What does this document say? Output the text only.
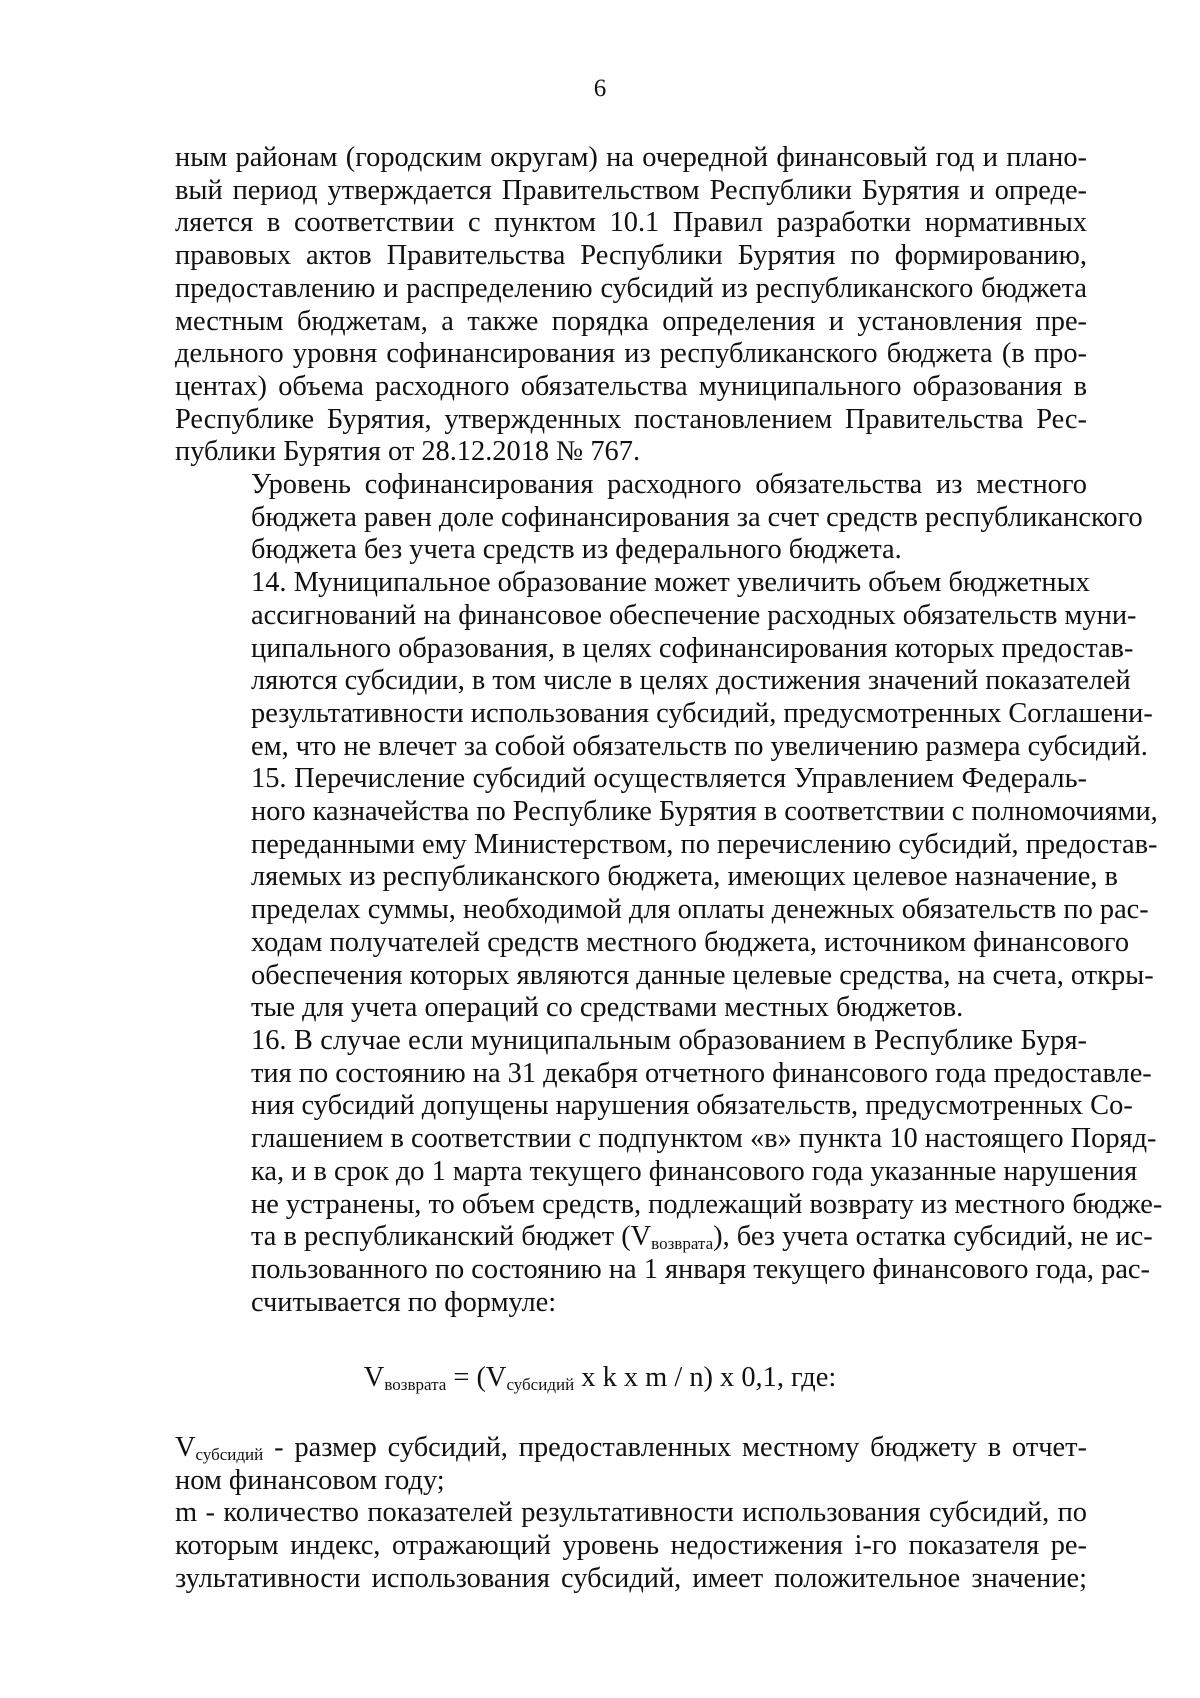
6

ным районам (городским округам) на очередной финансовый год и плано-
вый период утверждается Правительством Республики Бурятия и опреде-
ляется в соответствии с пунктом 10.1 Правил разработки нормативных
правовых актов Правительства Республики Бурятия по формированию,
предоставлению и распределению субсидий из республиканского бюджета
местным бюджетам, а также порядка определения и установления пре-
дельного уровня софинансирования из республиканского бюджета (в про-
центах) объема расходного обязательства муниципального образования в
Республике Бурятия, утвержденных постановлением Правительства Рес-
публики Бурятия от 28.12.2018 № 767.

Уровень софинансирования расходного обязательства из местного
бюджета равен доле софинансирования за счет средств республиканского
бюджета без учета средств из федерального бюджета.

14. Муниципальное образование может увеличить объем бюджетных
ассигнований на финансовое обеспечение расходных обязательств муни-
ципального образования, в целях софинансирования которых предостав-
ляются субсидии, в том числе в целях достижения значений показателей
результативности использования субсидий, предусмотренных Соглашени-
ем, что не влечет за собой обязательств по увеличению размера субсидий.

15. Перечисление субсидий осуществляется Управлением Федераль-
ного казначейства по Республике Бурятия в соответствии с полномочиями,
переданными ему Министерством, по перечислению субсидий, предостав-
ляемых из республиканского бюджета, имеющих целевое назначение, в
пределах суммы, необходимой для оплаты денежных обязательств по рас-
ходам получателей средств местного бюджета, источником финансового
обеспечения которых являются данные целевые средства, на счета, откры-
тые для учета операций со средствами местных бюджетов.

16. В случае если муниципальным образованием в Республике Буря-
тия по состоянию на 31 декабря отчетного финансового года предоставле-
ния субсидий допущены нарушения обязательств, предусмотренных Со-
глашением в соответствии с подпунктом «в» пункта 10 настоящего Поряд-
ка, и в срок до 1 марта текущего финансового года указанные нарушения
не устранены, то объем средств, подлежащий возврату из местного бюдже-
та в республиканский бюджет $(V_{возврата})$, без учета остатка субсидий, не ис-
пользованного по состоянию на 1 января текущего финансового года, рас-
считывается по формуле:

$V_{возврата} = (V_{субсидий}$ x k x m / n) x 0,1, где:

$V_{субсидий}$ - размер субсидий, предоставленных местному бюджету в отчет-
ном финансовом году;

m - количество показателей результативности использования субсидий, по
которым индекс, отражающий уровень недостижения i-го показателя ре-
зультативности использования субсидий, имеет положительное значение;
